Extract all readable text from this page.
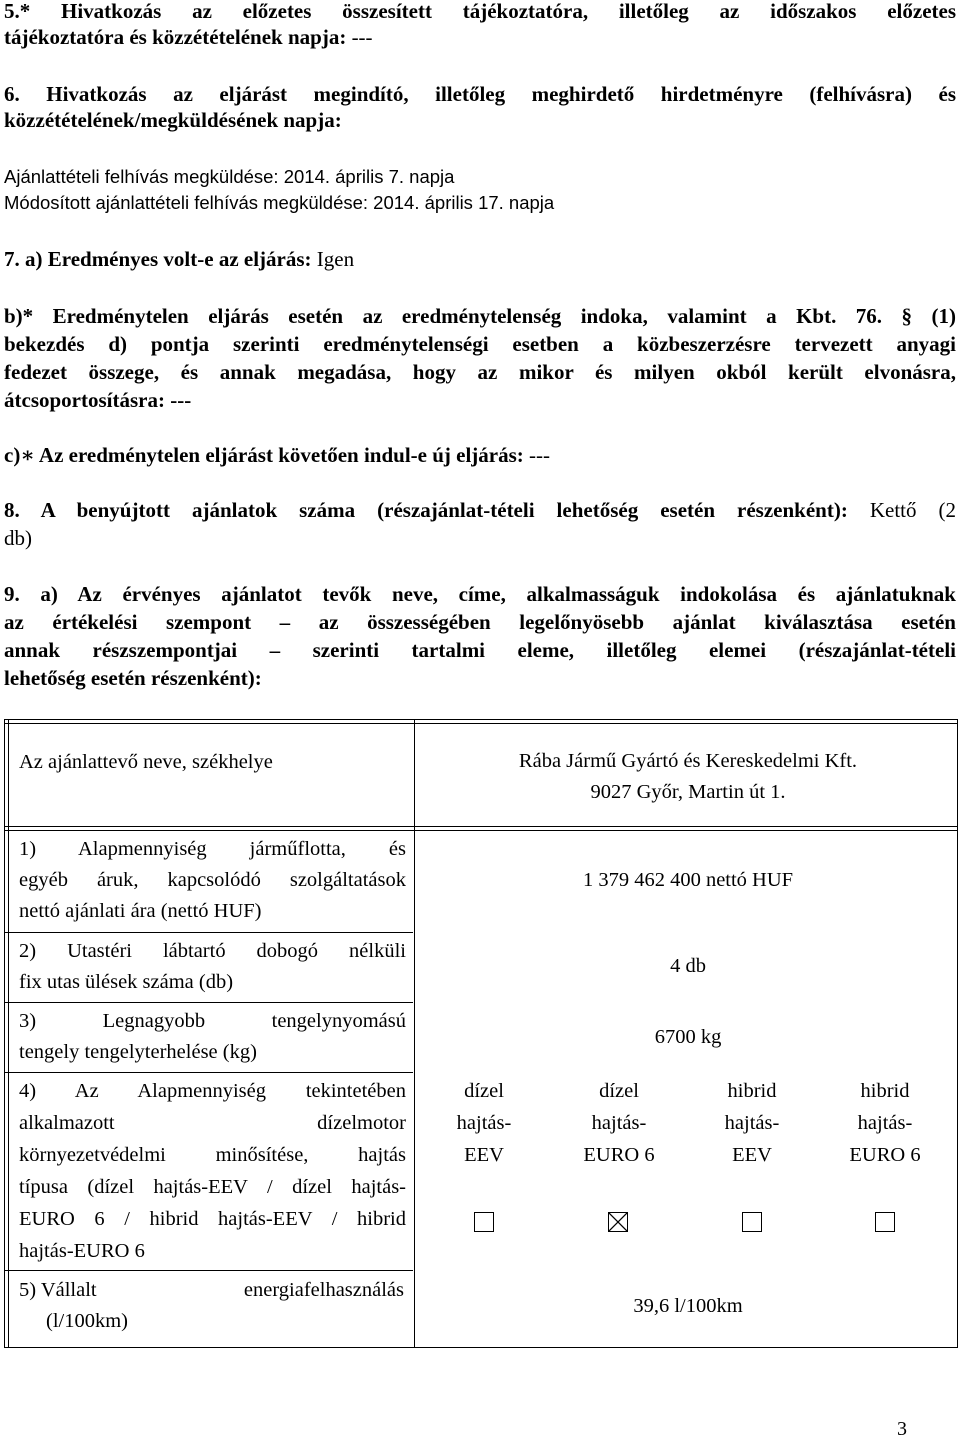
5.* Hivatkozás az előzetes összesített tájékoztatóra, illetőleg az időszakos előzetes
tájékoztatóra és közzétételének napja: ---
6. Hivatkozás az eljárást megindító, illetőleg meghirdető hirdetményre (felhívásra) és
közzétételének/megküldésének napja:
Ajánlattételi felhívás megküldése: 2014. április 7. napja
Módosított ajánlattételi felhívás megküldése: 2014. április 17. napja
7. a) Eredményes volt-e az eljárás: Igen
b)* Eredménytelen eljárás esetén az eredménytelenség indoka, valamint a Kbt. 76. § (1)
bekezdés d) pontja szerinti eredménytelenségi esetben a közbeszerzésre tervezett anyagi
fedezet összege, és annak megadása, hogy az mikor és milyen okból került elvonásra,
átcsoportosításra: ---
c)∗ Az eredménytelen eljárást követően indul-e új eljárás: ---
8. A benyújtott ajánlatok száma (részajánlat-tételi lehetőség esetén részenként): Kettő (2
db)
9. a) Az érvényes ajánlatot tevők neve, címe, alkalmasságuk indokolása és ajánlatuknak
az értékelési szempont – az összességében legelőnyösebb ajánlat kiválasztása esetén
annak részszempontjai – szerinti tartalmi eleme, illetőleg elemei (részajánlat-tételi
lehetőség esetén részenként):
Az ajánlattevő neve, székhelye	Rába Jármű Gyártó és Kereskedelmi Kft.
9027 Győr, Martin út 1.
1) Alapmennyiség járműflotta, és
egyéb áruk, kapcsolódó szolgáltatások
nettó ajánlati ára (nettó HUF)
1 379 462 400 nettó HUF
2) Utastéri lábtartó dobogó nélküli
fix utas ülések száma (db)
4 db
3) Legnagyobb tengelynyomású
tengely tengelyterhelése (kg)
6700 kg
4) Az Alapmennyiség tekintetében
alkalmazott dízelmotor
környezetvédelmi minősítése, hajtás
típusa (dízel hajtás-EEV / dízel hajtás-
EURO 6 / hibrid hajtás-EEV / hibrid
hajtás-EURO 6
dízel
hajtás-
EEV
dízel
hajtás-
EURO 6
hibrid
hajtás-
EEV
hibrid
hajtás-
EURO 6
5) Vállalt	energiafelhasználás
(l/100km)
39,6 l/100km
3
